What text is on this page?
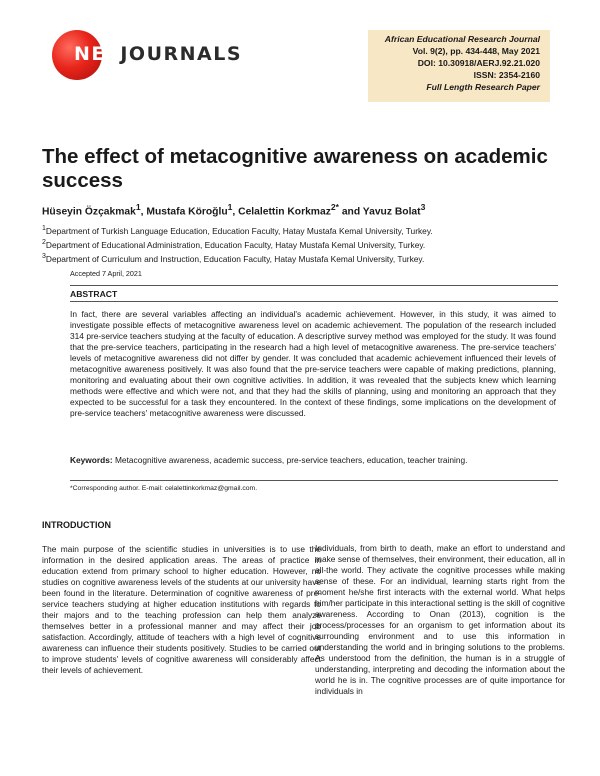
NETJOURNALS
African Educational Research Journal
Vol. 9(2), pp. 434-448, May 2021
DOI: 10.30918/AERJ.92.21.020
ISSN: 2354-2160
Full Length Research Paper
The effect of metacognitive awareness on academic success
Hüseyin Özçakmak$^1$, Mustafa Köroğlu$^1$, Celalettin Korkmaz$^{2*}$ and Yavuz Bolat$^3$
$^1$Department of Turkish Language Education, Education Faculty, Hatay Mustafa Kemal University, Turkey.
$^2$Department of Educational Administration, Education Faculty, Hatay Mustafa Kemal University, Turkey.
$^3$Department of Curriculum and Instruction, Education Faculty, Hatay Mustafa Kemal University, Turkey.
Accepted 7 April, 2021
ABSTRACT

In fact, there are several variables affecting an individual's academic achievement. However, in this study, it was aimed to investigate possible effects of metacognitive awareness level on academic achievement. The population of the research included 314 pre-service teachers studying at the faculty of education. A descriptive survey method was employed for the study. It was found that the pre-service teachers, participating in the research had a high level of metacognitive awareness. The pre-service teachers' levels of metacognitive awareness did not differ by gender. It was concluded that academic achievement influenced their levels of metacognitive awareness positively. It was also found that the pre-service teachers were capable of making predictions, planning, monitoring and evaluating about their own cognitive activities. In addition, it was revealed that the subjects knew which learning methods were effective and which were not, and that they had the skills of planning, using and monitoring an approach that they expected to be successful for a task they encountered. In the context of these findings, some implications on the development of pre-service teachers' metacognitive awareness were discussed.

Keywords: Metacognitive awareness, academic success, pre-service teachers, education, teacher training.
*Corresponding author. E-mail: celalettinkorkmaz@gmail.com.
INTRODUCTION

The main purpose of the scientific studies in universities is to use the information in the desired application areas. The areas of practice in education extend from primary school to higher education. However, no studies on cognitive awareness levels of the students at our university have been found in the literature. Determination of cognitive awareness of pre-service teachers studying at higher education institutions with regards to their majors and to the teaching profession can help them analyze themselves better in a professional manner and may affect their job satisfaction. Accordingly, attitude of teachers with a high level of cognitive awareness can influence their students positively. Studies to be carried out to improve students' levels of cognitive awareness will considerably affect their levels of achievement.

Individuals, from birth to death, make an effort to understand and make sense of themselves, their environment, their education, all in all-the world. They activate the cognitive processes while making sense of these. For an individual, learning starts right from the moment he/she first interacts with the external world. What helps him/her participate in this interactional setting is the skill of cognitive awareness. According to Onan (2013), cognition is the process/processes for an organism to get information about its surrounding environment and to use this information in understanding the world and in bringing solutions to the problems. As understood from the definition, the human is in a struggle of understanding, interpreting and decoding the information about the world he is in. The cognitive processes are of quite importance for individuals in
